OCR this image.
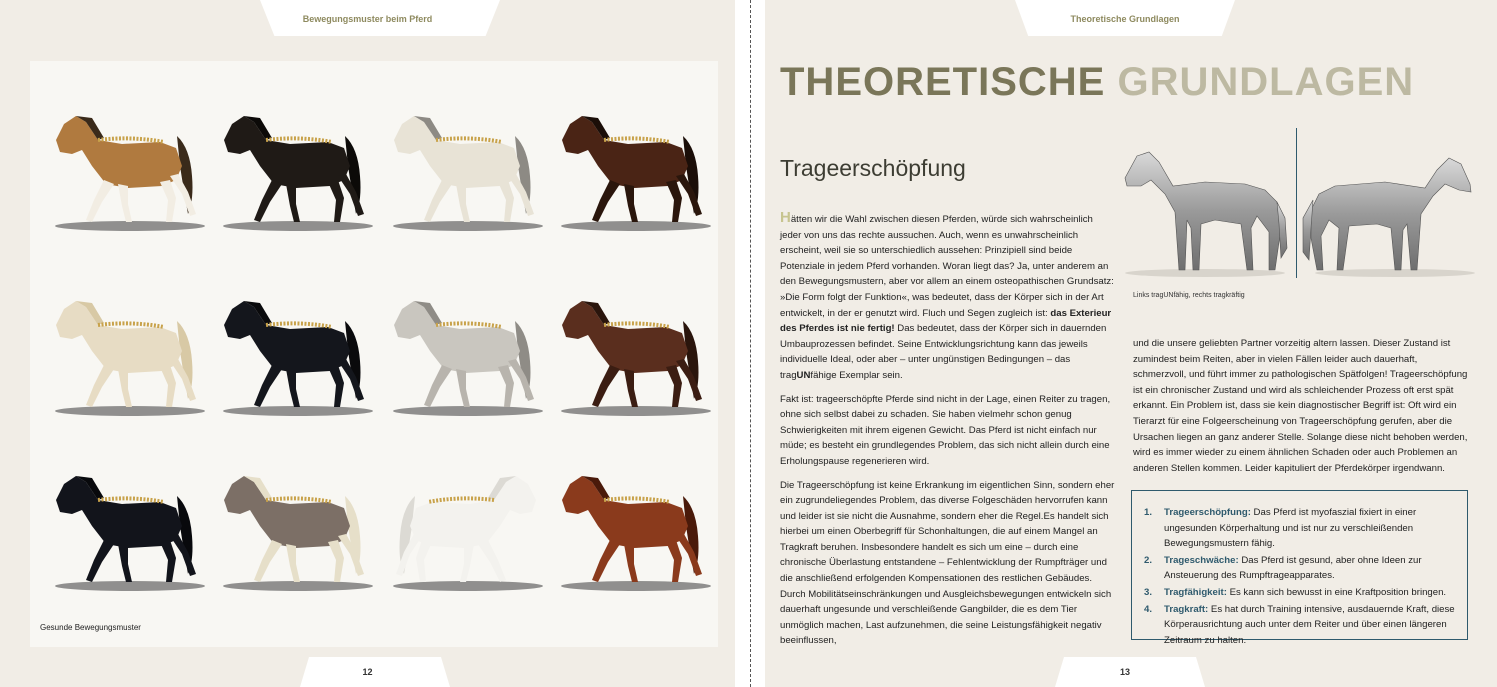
Bewegungsmuster beim Pferd
Gesunde Bewegungsmuster
12
Theoretische Grundlagen
13
THEORETISCHE GRUNDLAGEN
Trageerschöpfung

Hätten wir die Wahl zwischen diesen Pferden, würde sich wahrscheinlich jeder von uns das rechte aussuchen. Auch, wenn es unwahrscheinlich erscheint, weil sie so unterschiedlich aussehen: Prinzipiell sind beide Potenziale in jedem Pferd vorhanden. Woran liegt das? Ja, unter anderem an den Bewegungsmustern, aber vor allem an einem osteopathischen Grundsatz: »Die Form folgt der Funktion«, was bedeutet, dass der Körper sich in der Art entwickelt, in der er genutzt wird. Fluch und Segen zugleich ist: das Exterieur des Pferdes ist nie fertig! Das bedeutet, dass der Körper sich in dauernden Umbauprozessen befindet. Seine Entwicklungsrichtung kann das jeweils individuelle Ideal, oder aber – unter ungünstigen Bedingungen – das tragUNfähige Exemplar sein.

Fakt ist: trageerschöpfte Pferde sind nicht in der Lage, einen Reiter zu tragen, ohne sich selbst dabei zu schaden. Sie haben vielmehr schon genug Schwierigkeiten mit ihrem eigenen Gewicht. Das Pferd ist nicht einfach nur müde; es besteht ein grundlegendes Problem, das sich nicht allein durch eine Erholungspause regenerieren wird.

Die Trageerschöpfung ist keine Erkrankung im eigentlichen Sinn, sondern eher ein zugrundeliegendes Problem, das diverse Folgeschäden hervorrufen kann und leider ist sie nicht die Ausnahme, sondern eher die Regel.Es handelt sich hierbei um einen Oberbegriff für Schonhaltungen, die auf einem Mangel an Tragkraft beruhen. Insbesondere handelt es sich um eine – durch eine chronische Überlastung entstandene – Fehlentwicklung der Rumpfträger und die anschließend erfolgenden Kompensationen des restlichen Gebäudes. Durch Mobilitätseinschränkungen und Ausgleichsbewegungen entwickeln sich dauerhaft ungesunde und verschleißende Gangbilder, die es dem Tier unmöglich machen, Last aufzunehmen, die seine Leistungsfähigkeit negativ beeinflussen,

Links tragUNfähig, rechts tragkräftig

und die unsere geliebten Partner vorzeitig altern lassen. Dieser Zustand ist zumindest beim Reiten, aber in vielen Fällen leider auch dauerhaft, schmerzvoll, und führt immer zu pathologischen Spätfolgen! Trageerschöpfung ist ein chronischer Zustand und wird als schleichender Prozess oft erst spät erkannt. Ein Problem ist, dass sie kein diagnostischer Begriff ist: Oft wird ein Tierarzt für eine Folgeerscheinung von Trageerschöpfung gerufen, aber die Ursachen liegen an ganz anderer Stelle. Solange diese nicht behoben werden, wird es immer wieder zu einem ähnlichen Schaden oder auch Problemen an anderen Stellen kommen. Leider kapituliert der Pferdekörper irgendwann.

1. Trageerschöpfung: Das Pferd ist myofaszial fixiert in einer ungesunden Körperhaltung und ist nur zu verschleißenden Bewegungsmustern fähig.
2. Trageschwäche: Das Pferd ist gesund, aber ohne Ideen zur Ansteuerung des Rumpftrageapparates.
3. Tragfähigkeit: Es kann sich bewusst in eine Kraftposition bringen.
4. Tragkraft: Es hat durch Training intensive, ausdauernde Kraft, diese Körperausrichtung auch unter dem Reiter und über einen längeren Zeitraum zu halten.
